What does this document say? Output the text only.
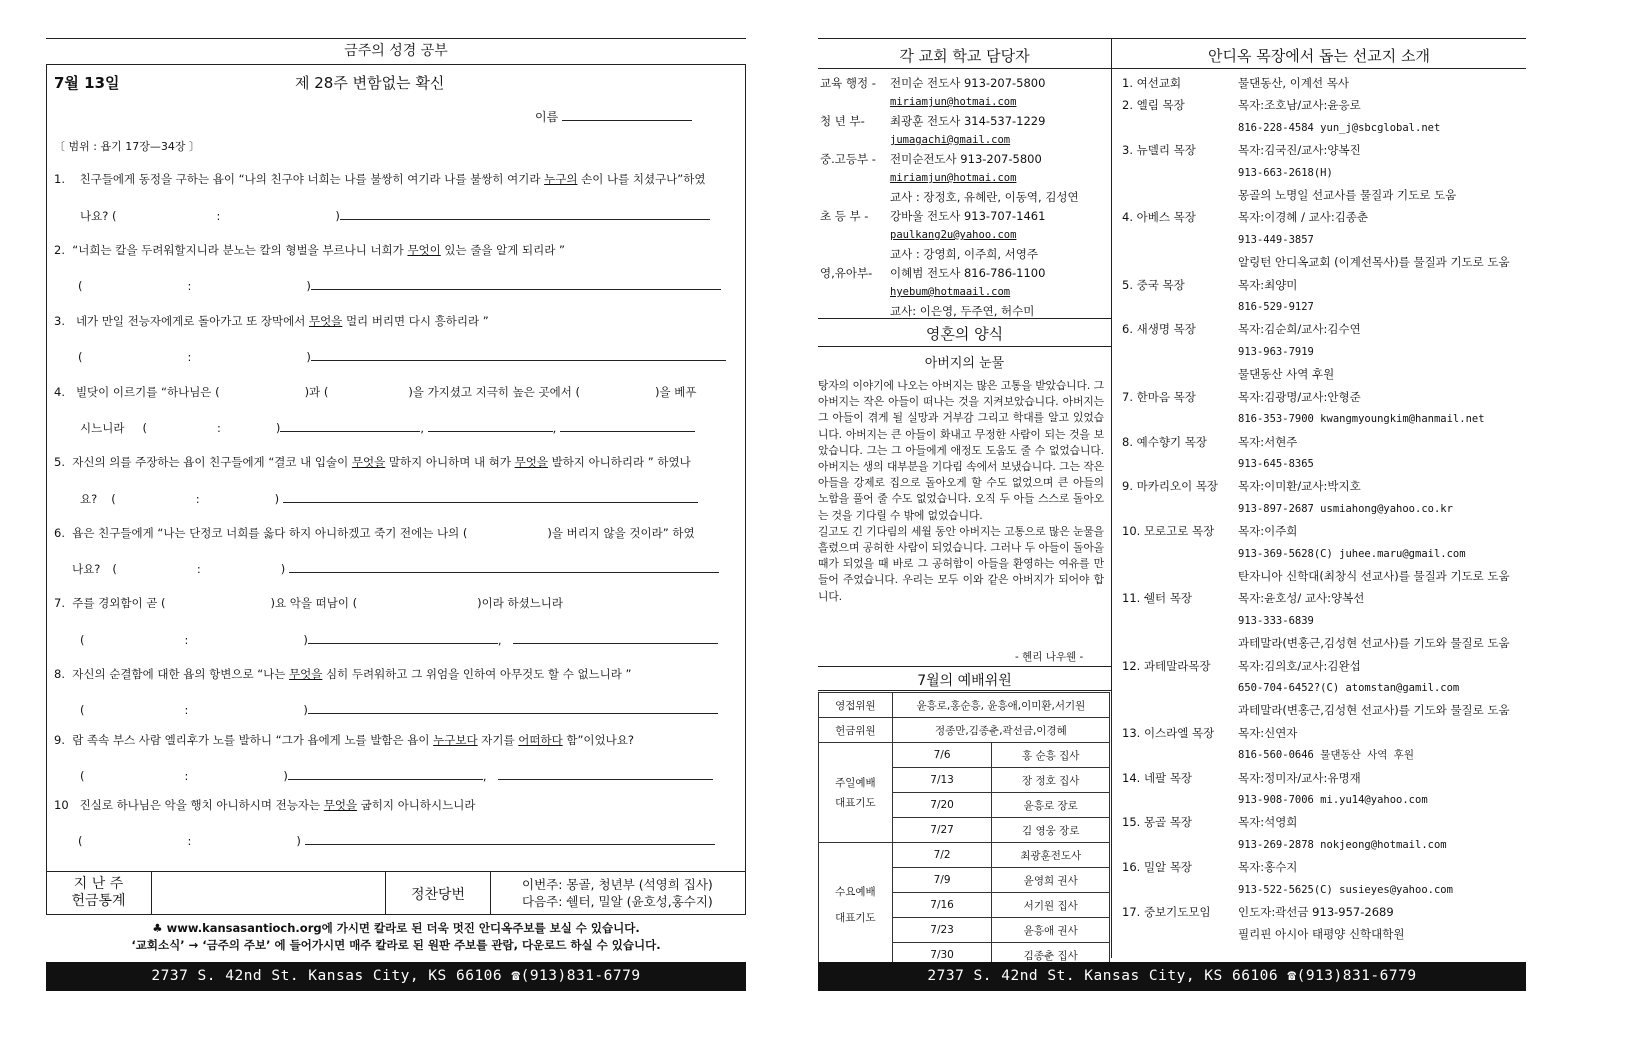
금주의 성경 공부
7월 13일	제 28주 변함없는 확신
이름
〔 범위 : 욥기 17장—34장 〕
1. 친구들에게 동정을 구하는 욥이 “나의 친구야 너희는 나를 불쌍히 여기라 나를 불쌍히 여기라 누구의 손이 나를 치셨구나”하였
나요? (	:	)
2. “너희는 칼을 두려워할지니라 분노는 칼의 형벌을 부르나니 너희가 무엇이 있는 줄을 알게 되리라 ”
(	:	)
3. 네가 만일 전능자에게로 돌아가고 또 장막에서 무엇을 멀리 버리면 다시 흥하리라 ”
(	:	)
4. 빌닷이 이르기를 “하나님은 (	)과 (	)을 가지셨고 지극히 높은 곳에서 (	)을 베푸
시느니라 (	:	)	,	,
5. 자신의 의를 주장하는 욥이 친구들에게 “결코 내 입술이 무엇을 말하지 아니하며 내 혀가 무엇을 발하지 아니하리라 ” 하였나
요? (	:	)
6. 욥은 친구들에게 “나는 단정코 너희를 옳다 하지 아니하겠고 죽기 전에는 나의 (	)을 버리지 않을 것이라” 하였
나요? (	:	)
7. 주를 경외함이 곧 (	)요 악을 떠남이 (	)이라 하셨느니라
(	:	)	,
8. 자신의 순결함에 대한 욥의 항변으로 “나는 무엇을 심히 두려워하고 그 위엄을 인하여 아무것도 할 수 없느니라 ”
(	:	)
9. 람 족속 부스 사람 엘리후가 노를 발하니 “그가 욥에게 노를 발함은 욥이 누구보다 자기를 어떠하다 함”이었나요?
(	:	)	,
10 진실로 하나님은 악을 행치 아니하시며 전능자는 무엇을 굽히지 아니하시느니라
(	:	)
지 난 주
헌금통계	정찬당번
이번주: 몽골, 청년부 (석영희 집사)
다음주: 쉘터, 밀알 (윤호성,홍수지)
♣ www.kansasantioch.org에 가시면 칼라로 된 더욱 멋진 안디옥주보를 보실 수 있습니다.
‘교회소식’ → ‘금주의 주보’ 에 들어가시면 매주 칼라로 된 원판 주보를 관람, 다운로드 하실 수 있습니다.
2737 S. 42nd St. Kansas City, KS 66106 ☎(913)831-6779
각 교회 학교 담당자
교육 행정 -	전미순 전도사 913-207-5800
miriamjun@hotmai.com
청 년 부-	최광훈 전도사 314-537-1229
jumagachi@gmail.com
중.고등부 -	전미순전도사 913-207-5800
miriamjun@hotmai.com
교사 : 장정호, 유혜란, 이동역, 김성연
초 등 부 -	강바울 전도사 913-707-1461
paulkang2u@yahoo.com
교사 : 강영희, 이주희, 서영주
영,유아부-	이혜범 전도사 816-786-1100
hyebum@hotmaail.com
교사: 이은영, 두주연, 허수미
영혼의 양식
아버지의 눈물
탕자의 이야기에 나오는 아버지는 많은 고통을 받았습니다. 그 아버지는 작은 아들이 떠나는 것을 지켜보았습니다. 아버지는 그 아들이 겪게 될 실망과 거부감 그리고 학대를 알고 있었습니다. 아버지는 큰 아들이 화내고 무정한 사람이 되는 것을 보았습니다. 그는 그 아들에게 애정도 도움도 줄 수 없었습니다. 아버지는 생의 대부분을 기다림 속에서 보냈습니다. 그는 작은 아들을 강제로 집으로 돌아오게 할 수도 없었으며 큰 아들의 노함을 풀어 줄 수도 없었습니다. 오직 두 아들 스스로 돌아오는 것을 기다릴 수 밖에 없었습니다.
길고도 긴 기다림의 세월 동안 아버지는 고통으로 많은 눈물을 흘렸으며 공허한 사람이 되었습니다. 그러나 두 아들이 돌아올 때가 되었을 때 바로 그 공허함이 아들을 환영하는 여유를 만들어 주었습니다. 우리는 모두 이와 같은 아버지가 되어야 합니다.
- 헨리 나우웬 -
7월의 예배위원
영접위원	윤흥로,홍순흥, 윤흥애,이미환,서기원	
헌금위원	정종만,김종춘,곽선금,이경혜	

주일예배
대표기도	7/6	홍 순흥 집사
	7/13	장 정호 집사
	7/20	윤흥로 장로
	7/27	김 영웅 장로

수요예배
대표기도	7/2	최광훈전도사
	7/9	윤영희 권사
	7/16	서기원 집사
	7/23	윤흥애 권사
	7/30	김종춘 집사
안디옥 목장에서 돕는 선교지 소개
1. 여선교회	물댄동산, 이계선 목사
2. 엘림 목장	목자:조호남/교사:윤응로
816-228-4584 yun_j@sbcglobal.net
3. 뉴델리 목장	목자:김국진/교사:양복진
913-663-2618(H)
몽골의 노명일 선교사를 물질과 기도로 도움
4. 아베스 목장	목자:이경혜 / 교사:김종춘
913-449-3857
알링턴 안디옥교회 (이계선목사)를 물질과 기도로 도움
5. 중국 목장	목자:최양미
816-529-9127
6. 새생명 목장	목자:김순희/교사:김수연
913-963-7919
물댄동산 사역 후원
7. 한마음 목장	목자:김광명/교사:안형준
816-353-7900 kwangmyoungkim@hanmail.net
8. 예수향기 목장	목자:서현주
913-645-8365
9. 마카리오이 목장	목자:이미환/교사:박지호
913-897-2687 usmiahong@yahoo.co.kr
10. 모로고로 목장	목자:이주희
913-369-5628(C) juhee.maru@gmail.com
탄자니아 신학대(최창식 선교사)를 물질과 기도로 도움
11. 쉘터 목장	목자:윤호성/ 교사:양복선
913-333-6839
과테말라(변홍근,김성현 선교사)를 기도와 물질로 도움
12. 과테말라목장	목자:김의호/교사:김완섭
650-704-6452?(C) atomstan@gamil.com
과테말라(변홍근,김성현 선교사)를 기도와 물질로 도움
13. 이스라엘 목장	목자:신연자
816-560-0646 물댄동산 사역 후원
14. 네팔 목장	목자:정미자/교사:유명재
913-908-7006 mi.yu14@yahoo.com
15. 몽골 목장	목자:석영희
913-269-2878 nokjeong@hotmail.com
16. 밀알 목장	목자:홍수지
913-522-5625(C) susieyes@yahoo.com
17. 중보기도모임	인도자:곽선금 913-957-2689
필리핀 아시아 태평양 신학대학원
2737 S. 42nd St. Kansas City, KS 66106 ☎(913)831-6779
